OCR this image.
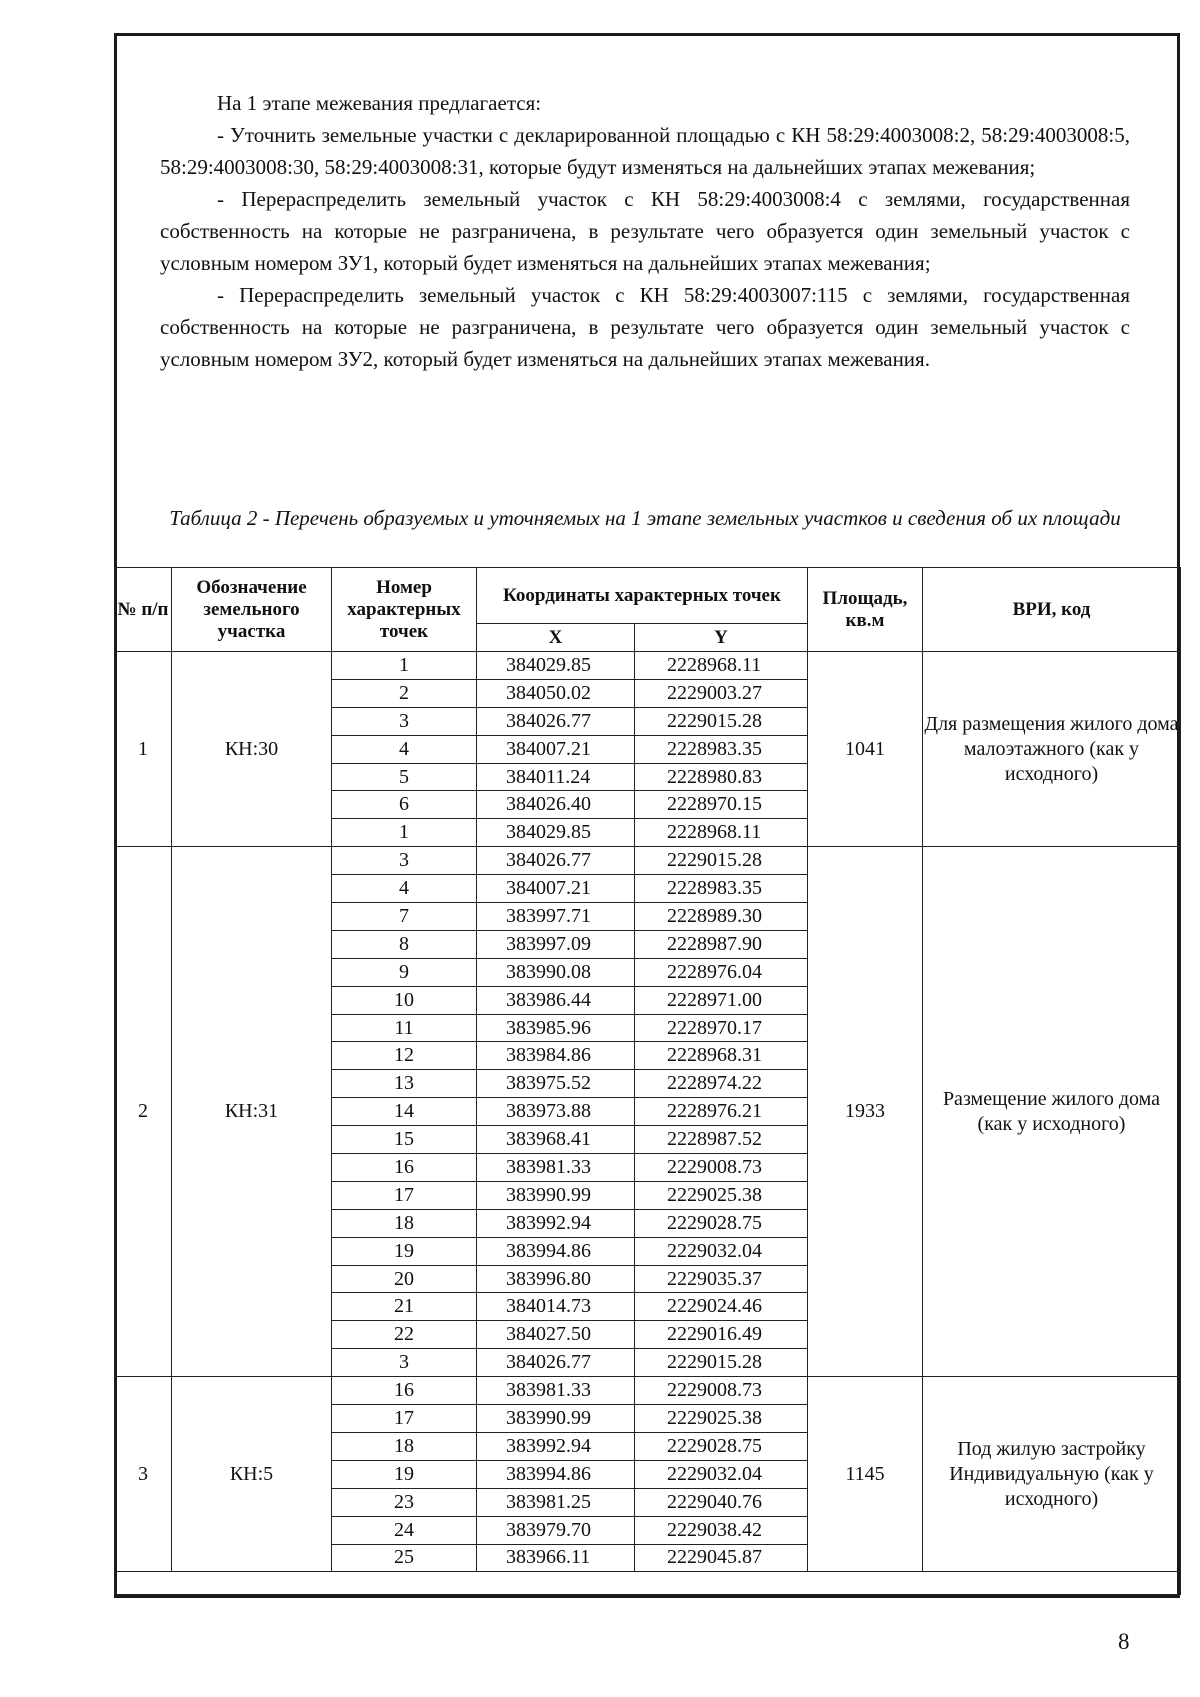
На 1 этапе межевания предлагается:

- Уточнить земельные участки с декларированной площадью с КН 58:29:4003008:2, 58:29:4003008:5, 58:29:4003008:30, 58:29:4003008:31, которые будут изменяться на дальнейших этапах межевания;

- Перераспределить земельный участок с КН 58:29:4003008:4 с землями, государственная собственность на которые не разграничена, в результате чего образуется один земельный участок с условным номером ЗУ1, который будет изменяться на дальнейших этапах межевания;

- Перераспределить земельный участок с КН 58:29:4003007:115 с землями, государственная собственность на которые не разграничена, в результате чего образуется один земельный участок с условным номером ЗУ2, который будет изменяться на дальнейших этапах межевания.

Таблица 2 - Перечень образуемых и уточняемых на 1 этапе земельных участков и сведения об их площади
№ п/п	Обозначение земельного участка	Номер характерных точек	Координаты характерных точек		Площадь, кв.м	ВРИ, код
			X	Y		
1	КН:30	1	384029.85	2228968.11	1041	Для размещения жилого дома малоэтажного (как у исходного)
		2	384050.02	2229003.27		
		3	384026.77	2229015.28		
		4	384007.21	2228983.35		
		5	384011.24	2228980.83		
		6	384026.40	2228970.15		
		1	384029.85	2228968.11		
2	КН:31	3	384026.77	2229015.28	1933	Размещение жилого дома (как у исходного)
		4	384007.21	2228983.35		
		7	383997.71	2228989.30		
		8	383997.09	2228987.90		
		9	383990.08	2228976.04		
		10	383986.44	2228971.00		
		11	383985.96	2228970.17		
		12	383984.86	2228968.31		
		13	383975.52	2228974.22		
		14	383973.88	2228976.21		
		15	383968.41	2228987.52		
		16	383981.33	2229008.73		
		17	383990.99	2229025.38		
		18	383992.94	2229028.75		
		19	383994.86	2229032.04		
		20	383996.80	2229035.37		
		21	384014.73	2229024.46		
		22	384027.50	2229016.49		
		3	384026.77	2229015.28		
3	КН:5	16	383981.33	2229008.73	1145	Под жилую застройку Индивидуальную (как у исходного)
		17	383990.99	2229025.38		
		18	383992.94	2229028.75		
		19	383994.86	2229032.04		
		23	383981.25	2229040.76		
		24	383979.70	2229038.42		
		25	383966.11	2229045.87		

8
